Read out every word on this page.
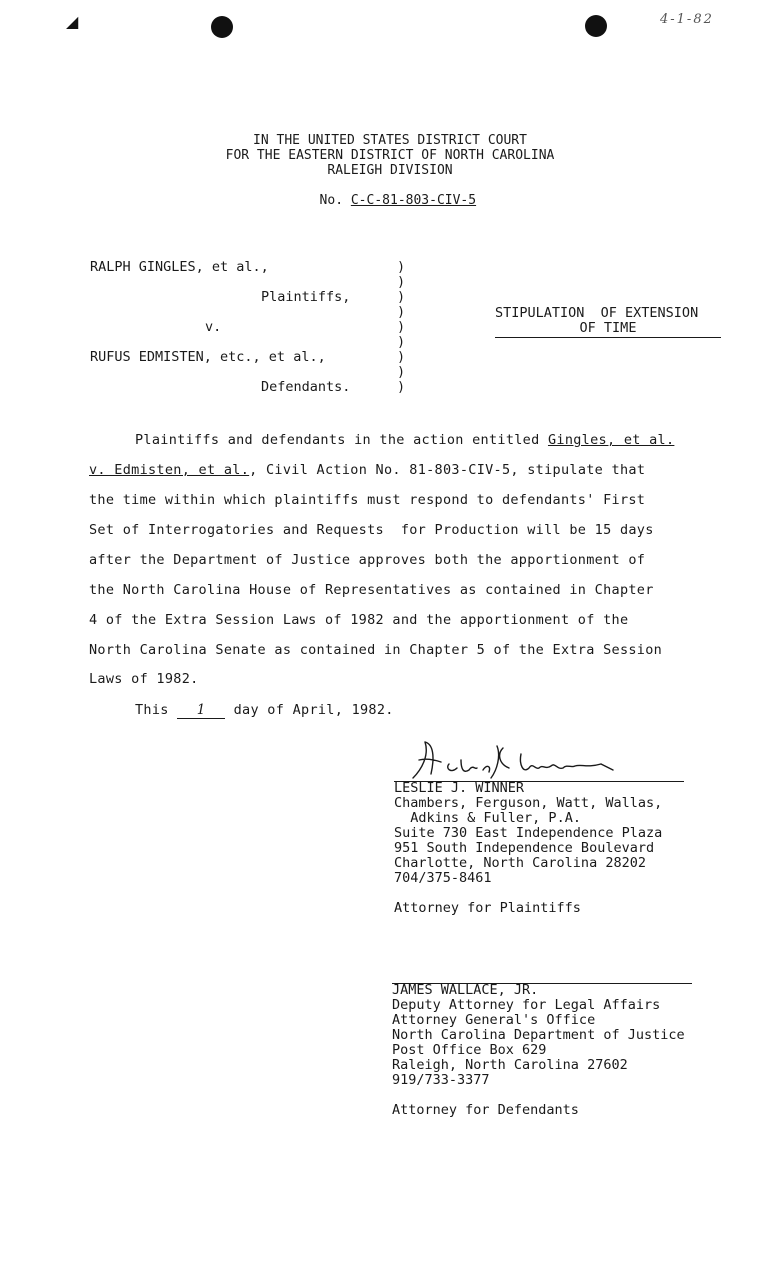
◢	4-1-82
IN THE UNITED STATES DISTRICT COURT
FOR THE EASTERN DISTRICT OF NORTH CAROLINA
RALEIGH DIVISION

No. C-C-81-803-CIV-5

RALPH GINGLES, et al.,
Plaintiffs,
v.
RUFUS EDMISTEN, etc., et al.,
Defendants.
)
)
)
)
)
)
)
)
)
STIPULATION  OF EXTENSION
OF TIME
Plaintiffs and defendants in the action entitled Gingles, et al.
v. Edmisten, et al., Civil Action No. 81-803-CIV-5, stipulate that
the time within which plaintiffs must respond to defendants' First
Set of Interrogatories and Requests  for Production will be 15 days
after the Department of Justice approves both the apportionment of
the North Carolina House of Representatives as contained in Chapter
4 of the Extra Session Laws of 1982 and the apportionment of the
North Carolina Senate as contained in Chapter 5 of the Extra Session
Laws of 1982.
This 1 day of April, 1982.
LESLIE J. WINNER
Chambers, Ferguson, Watt, Wallas,
Adkins & Fuller, P.A.
Suite 730 East Independence Plaza
951 South Independence Boulevard
Charlotte, North Carolina 28202
704/375-8461

Attorney for Plaintiffs
JAMES WALLACE, JR.
Deputy Attorney for Legal Affairs
Attorney General's Office
North Carolina Department of Justice
Post Office Box 629
Raleigh, North Carolina 27602
919/733-3377

Attorney for Defendants
